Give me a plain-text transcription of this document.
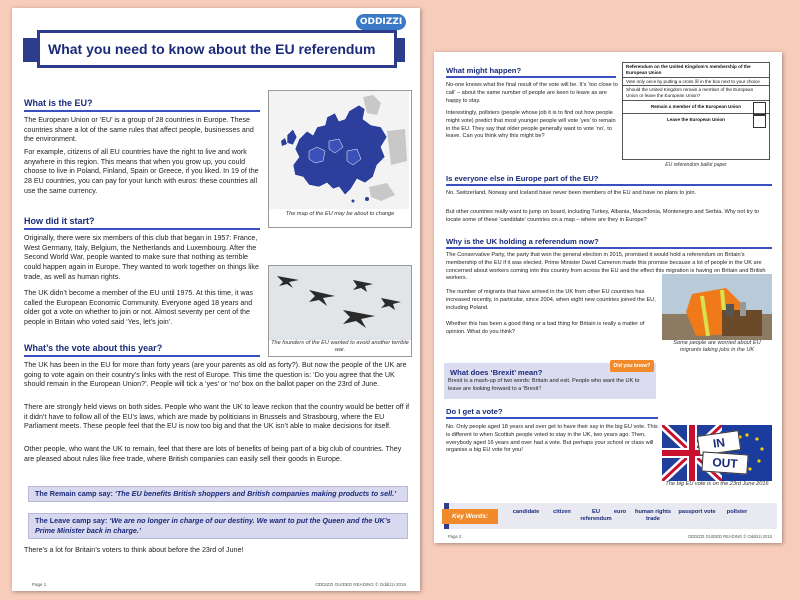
ODDIZZI
What you need to know about the EU referendum
What is the EU?

The European Union or ‘EU’ is a group of 28 countries in Europe. These countries share a lot of the same rules that affect people, businesses and the environment.

For example, citizens of all EU countries have the right to live and work anywhere in this region. This means that when you grow up, you could choose to live in Poland, Finland, Spain or Greece, if you liked. In 19 of the 28 EU countries, you can pay for your lunch with euros: these countries all use the same currency.

The map of the EU may be about to change
How did it start?

Originally, there were six members of this club that began in 1957: France, West Germany, Italy, Belgium, the Netherlands and Luxembourg. After the Second World War, people wanted to make sure that nothing as terrible could happen again in Europe. They wanted to work together on things like trade, as well as human rights.

The UK didn’t become a member of the EU until 1975. At this time, it was called the European Economic Community. Everyone aged 18 years and older got a vote on whether to join or not. Almost seventy per cent of the people in Britain who voted said ‘Yes, let’s join’.

The founders of the EU wanted to avoid another terrible war.
What’s the vote about this year?

The UK has been in the EU for more than forty years (are your parents as old as forty?). But now the people of the UK are going to vote again on their country’s links with the rest of Europe. This time the question is: ‘Do you agree that the UK should remain in the European Union?’. People will tick a ‘yes’ or ‘no’ box on the ballot paper on the 23rd of June.

There are strongly held views on both sides. People who want the UK to leave reckon that the country would be better off if it didn’t have to follow all of the EU’s laws, which are made by politicians in Brussels and Strasbourg, where the EU Parliament meets. These people feel that the EU is now too big and that the UK isn’t able to make decisions for itself.

Other people, who want the UK to remain, feel that there are lots of benefits of being part of a big club of countries. They are pleased about rules like free trade, where British companies can easily sell their goods in Europe.

The Remain camp say: ‘The EU benefits British shoppers and British companies making products to sell.’
The Leave camp say: ‘We are no longer in charge of our destiny. We want to put the Queen and the UK’s Prime Minister back in charge.’

There’s a lot for Britain’s voters to think about before the 23rd of June!

Page 1	ODDIZZI GUIDED READING © Oddizzi 2016
What might happen?

No-one knows what the final result of the vote will be. It’s ‘too close to call’ – about the same number of people are keen to leave as are happy to stay.

Interestingly, pollsters (people whose job it is to find out how people might vote) predict that most younger people will vote ‘yes’ to remain in the EU. They say that older people generally want to vote ‘no’, to leave. Can you think why this might be?

Referendum on the United Kingdom’s membership of the European Union
Vote only once by putting a cross ☒ in the box next to your choice
Should the United Kingdom remain a member of the European Union or leave the European Union?
Remain a member of the European Union
Leave the European Union
EU referendum ballot paper
Is everyone else in Europe part of the EU?

No. Switzerland, Norway and Iceland have never been members of the EU and have no plans to join.

But other countries really want to jump on board, including Turkey, Albania, Macedonia, Montenegro and Serbia. Why not try to locate some of these ‘candidate’ countries on a map – where are they in Europe?

Why is the UK holding a referendum now?

The Conservative Party, the party that won the general election in 2015, promised it would hold a referendum on Britain’s membership of the EU if it was elected. Prime Minister David Cameron made this promise because a lot of people in the UK are concerned about workers coming into this country from across the EU and the effect this migration is having on Britain and British workers.

The number of migrants that have arrived in the UK from other EU countries has increased recently, in particular, since 2004, when eight new countries joined the EU, including Poland.

Whether this has been a good thing or a bad thing for Britain is really a matter of opinion. What do you think?

Some people are worried about EU migrants taking jobs in the UK
Did you know?
What does ‘Brexit’ mean?

Brexit is a mash-up of two words: Britain and exit. People who want the UK to leave are looking forward to a ‘Brexit’!

Do I get a vote?

No. Only people aged 18 years and over get to have their say in the big EU vote. This is different to when Scottish people voted to stay in the UK, two years ago. Then, everybody aged 16 years and over had a vote. But perhaps your school or class will organise a big EU vote for you!	IN
OUT
The big EU vote is on the 23rd June 2016
Key Words:
candidate	citizen	EU referendum
euro	human rights trade
passport vote	pollster
Page 2	ODDIZZI GUIDED READING © Oddizzi 2016
